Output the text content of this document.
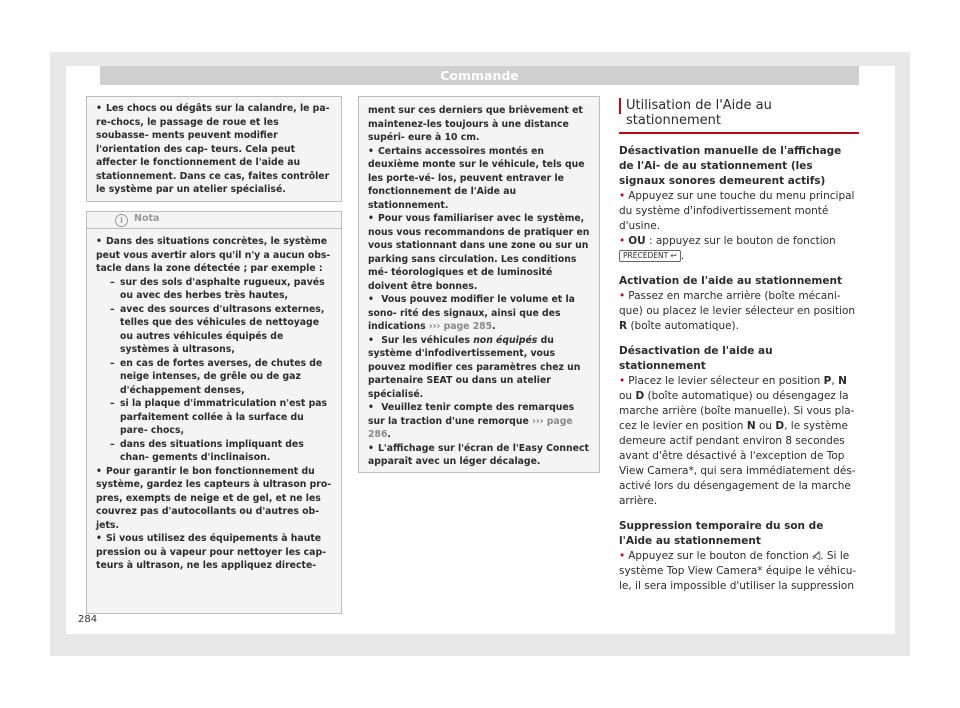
Commande
• Les chocs ou dégâts sur la calandre, le pa- re-chocs, le passage de roue et les soubasse- ments peuvent modifier l'orientation des cap- teurs. Cela peut affecter le fonctionnement de l'aide au stationnement. Dans ce cas, faites contrôler le système par un atelier spécialisé.
i	Nota
• Dans des situations concrètes, le système peut vous avertir alors qu'il n'y a aucun obs- tacle dans la zone détectée ; par exemple :
– sur des sols d'asphalte rugueux, pavés ou avec des herbes très hautes,
– avec des sources d'ultrasons externes, telles que des véhicules de nettoyage ou autres véhicules équipés de systèmes à ultrasons,
– en cas de fortes averses, de chutes de neige intenses, de grêle ou de gaz d'échappement denses,
– si la plaque d'immatriculation n'est pas parfaitement collée à la surface du pare- chocs,
– dans des situations impliquant des chan- gements d'inclinaison.
• Pour garantir le bon fonctionnement du système, gardez les capteurs à ultrason pro- pres, exempts de neige et de gel, et ne les couvrez pas d'autocollants ou d'autres ob- jets.
• Si vous utilisez des équipements à haute pression ou à vapeur pour nettoyer les cap- teurs à ultrason, ne les appliquez directe-
ment sur ces derniers que brièvement et maintenez-les toujours à une distance supéri- eure à 10 cm.
• Certains accessoires montés en deuxième monte sur le véhicule, tels que les porte-vé- los, peuvent entraver le fonctionnement de l'Aide au stationnement.
• Pour vous familiariser avec le système, nous vous recommandons de pratiquer en vous stationnant dans une zone ou sur un parking sans circulation. Les conditions mé- téorologiques et de luminosité doivent être bonnes.
• Vous pouvez modifier le volume et la sono- rité des signaux, ainsi que des indications ››› page 285.
• Sur les véhicules non équipés du système d'infodivertissement, vous pouvez modifier ces paramètres chez un partenaire SEAT ou dans un atelier spécialisé.
• Veuillez tenir compte des remarques sur la traction d'une remorque ››› page 286.
• L'affichage sur l'écran de l'Easy Connect apparaît avec un léger décalage.
Utilisation de l'Aide au stationnement
Désactivation manuelle de l'affichage de l'Ai- de au stationnement (les signaux sonores demeurent actifs)
• Appuyez sur une touche du menu principal du système d'infodivertissement monté d'usine.
• OU : appuyez sur le bouton de fonction PRÉCÉDENT ↩ .
Activation de l'aide au stationnement
• Passez en marche arrière (boîte mécani- que) ou placez le levier sélecteur en position
R (boîte automatique).
Désactivation de l'aide au stationnement
• Placez le levier sélecteur en position P, N ou D (boîte automatique) ou désengagez la marche arrière (boîte manuelle). Si vous pla- cez le levier en position N ou D, le système demeure actif pendant environ 8 secondes avant d'être désactivé à l'exception de Top View Camera*, qui sera immédiatement dés- activé lors du désengagement de la marche arrière.
Suppression temporaire du son de l'Aide au stationnement
• Appuyez sur le bouton de fonction ◁̸. Si le système Top View Camera* équipe le véhicu- le, il sera impossible d'utiliser la suppression
284
